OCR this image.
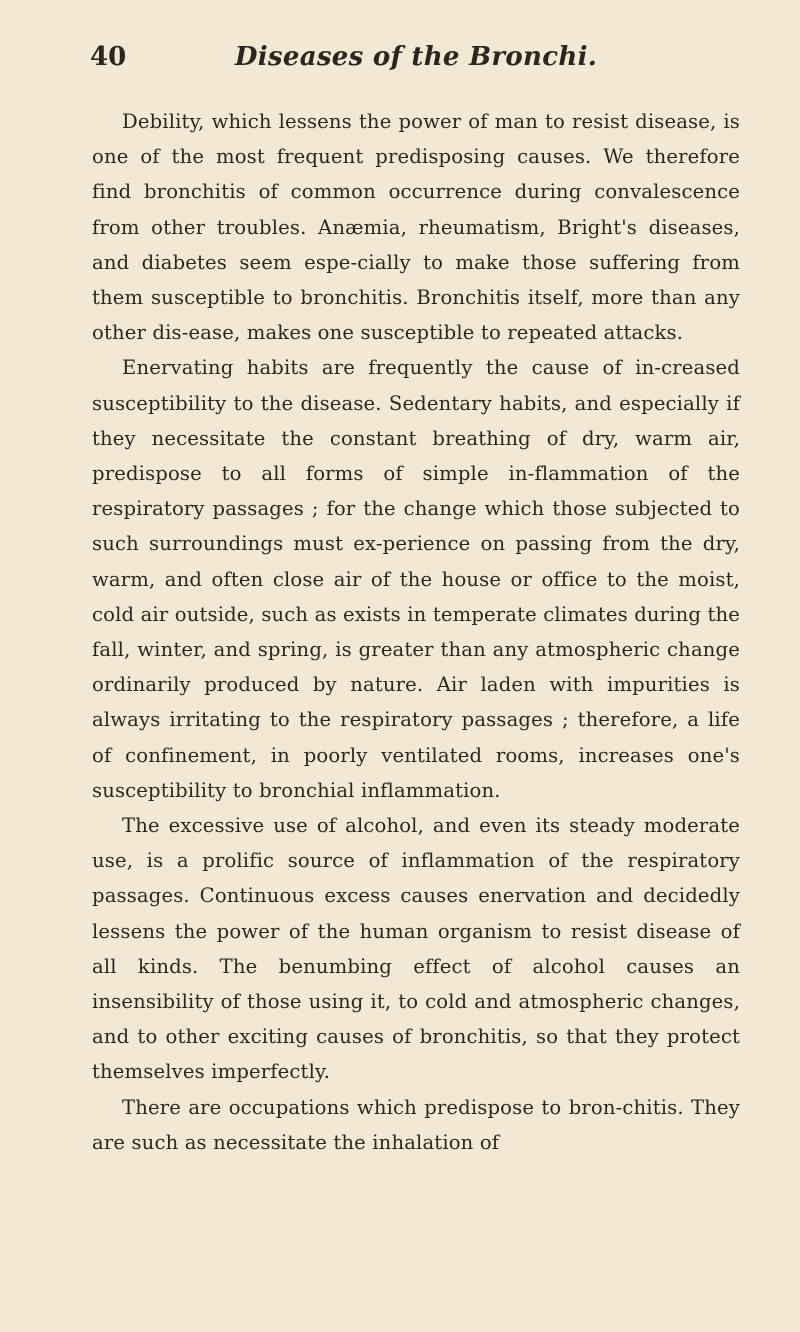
40	Diseases of the Bronchi.

Debility, which lessens the power of man to resist disease, is one of the most frequent predisposing causes. We therefore find bronchitis of common occurrence during convalescence from other troubles. Anæmia, rheumatism, Bright's diseases, and diabetes seem espe-cially to make those suffering from them susceptible to bronchitis. Bronchitis itself, more than any other dis-ease, makes one susceptible to repeated attacks.

Enervating habits are frequently the cause of in-creased susceptibility to the disease. Sedentary habits, and especially if they necessitate the constant breathing of dry, warm air, predispose to all forms of simple in-flammation of the respiratory passages ; for the change which those subjected to such surroundings must ex-perience on passing from the dry, warm, and often close air of the house or office to the moist, cold air outside, such as exists in temperate climates during the fall, winter, and spring, is greater than any atmospheric change ordinarily produced by nature. Air laden with impurities is always irritating to the respiratory passages ; therefore, a life of confinement, in poorly ventilated rooms, increases one's susceptibility to bronchial inflammation.

The excessive use of alcohol, and even its steady moderate use, is a prolific source of inflammation of the respiratory passages. Continuous excess causes enervation and decidedly lessens the power of the human organism to resist disease of all kinds. The benumbing effect of alcohol causes an insensibility of those using it, to cold and atmospheric changes, and to other exciting causes of bronchitis, so that they protect themselves imperfectly.

There are occupations which predispose to bron-chitis. They are such as necessitate the inhalation of
